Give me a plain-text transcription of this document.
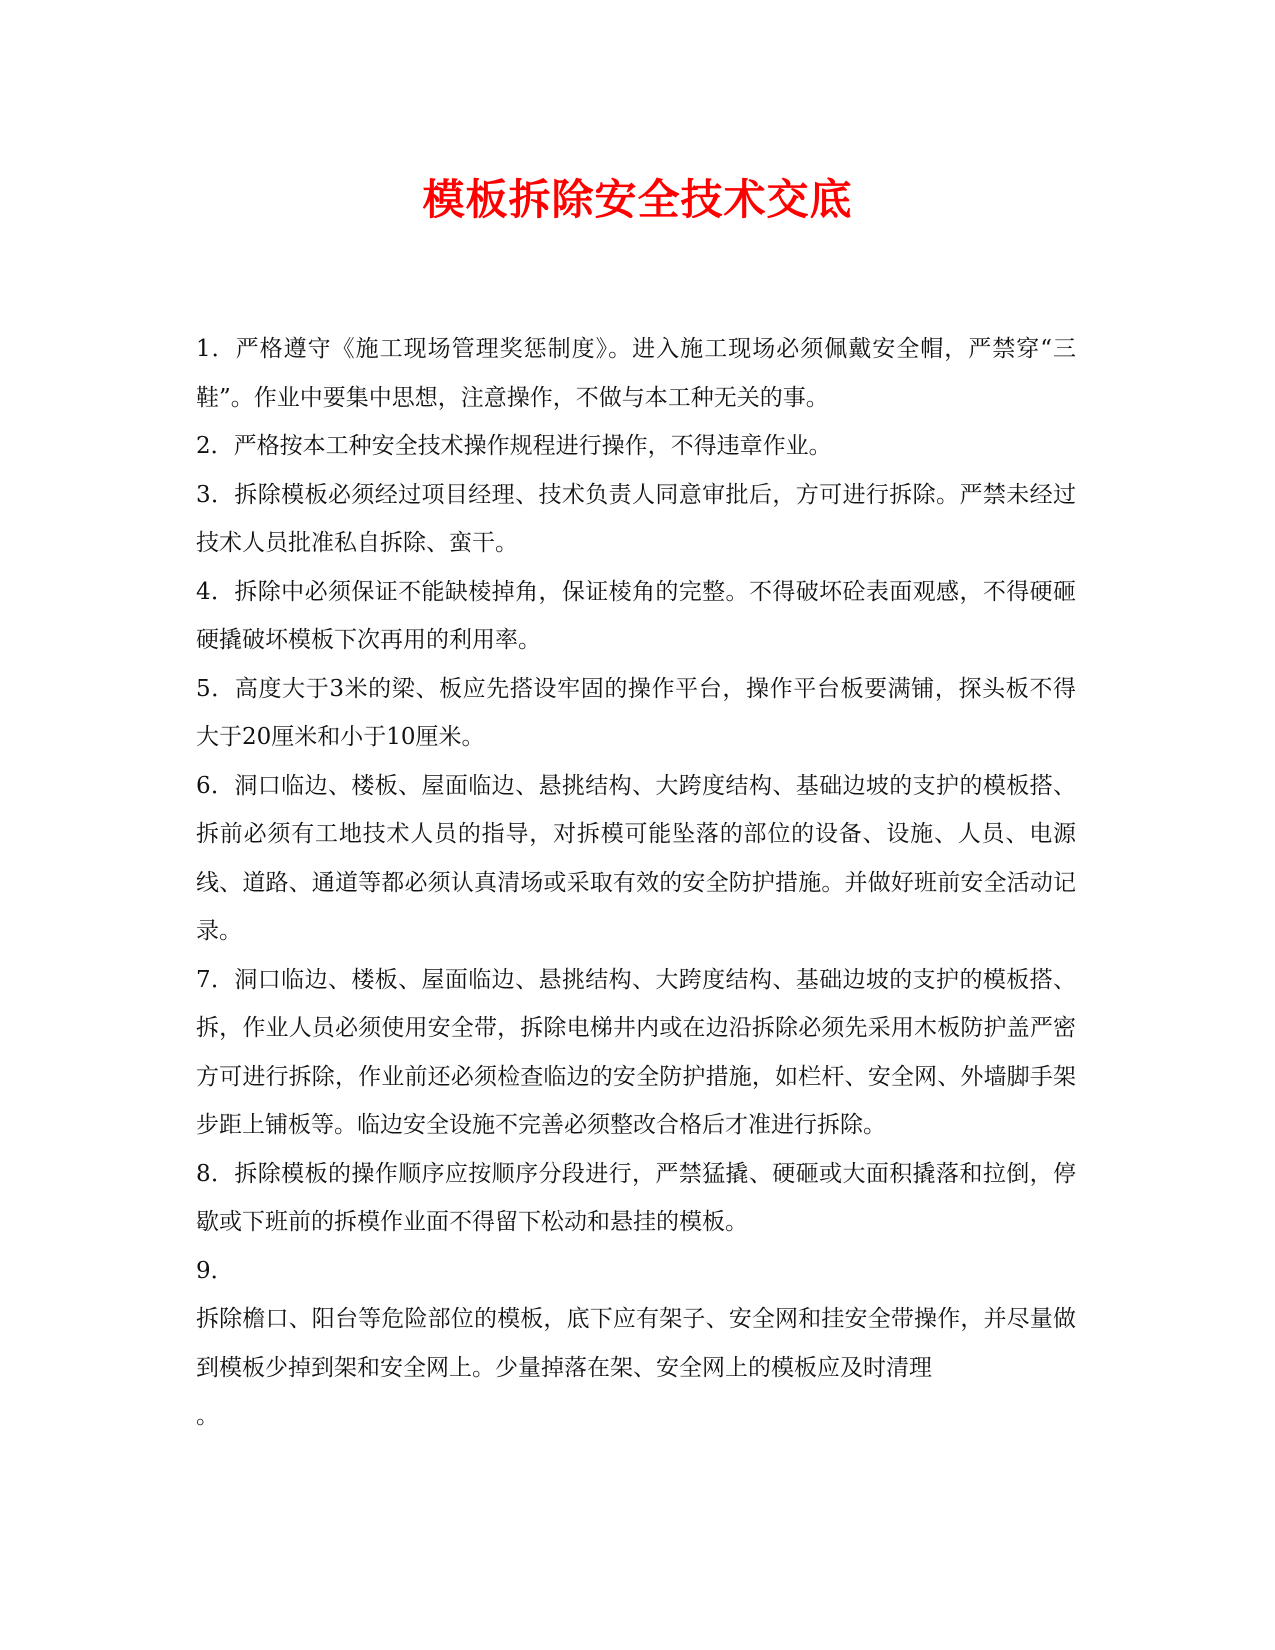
模板拆除安全技术交底

1．严格遵守《施工现场管理奖惩制度》。进入施工现场必须佩戴安全帽，严禁穿“三鞋”。作业中要集中思想，注意操作，不做与本工种无关的事。

2．严格按本工种安全技术操作规程进行操作，不得违章作业。

3．拆除模板必须经过项目经理、技术负责人同意审批后，方可进行拆除。严禁未经过技术人员批准私自拆除、蛮干。

4．拆除中必须保证不能缺棱掉角，保证棱角的完整。不得破坏砼表面观感，不得硬砸硬撬破坏模板下次再用的利用率。

5．高度大于3米的梁、板应先搭设牢固的操作平台，操作平台板要满铺，探头板不得大于20厘米和小于10厘米。

6．洞口临边、楼板、屋面临边、悬挑结构、大跨度结构、基础边坡的支护的模板搭、拆前必须有工地技术人员的指导，对拆模可能坠落的部位的设备、设施、人员、电源线、道路、通道等都必须认真清场或采取有效的安全防护措施。并做好班前安全活动记录。

7．洞口临边、楼板、屋面临边、悬挑结构、大跨度结构、基础边坡的支护的模板搭、拆，作业人员必须使用安全带，拆除电梯井内或在边沿拆除必须先采用木板防护盖严密方可进行拆除，作业前还必须检查临边的安全防护措施，如栏杆、安全网、外墙脚手架步距上铺板等。临边安全设施不完善必须整改合格后才准进行拆除。

8．拆除模板的操作顺序应按顺序分段进行，严禁猛撬、硬砸或大面积撬落和拉倒，停歇或下班前的拆模作业面不得留下松动和悬挂的模板。

9．

拆除檐口、阳台等危险部位的模板，底下应有架子、安全网和挂安全带操作，并尽量做到模板少掉到架和安全网上。少量掉落在架、安全网上的模板应及时清理

。
